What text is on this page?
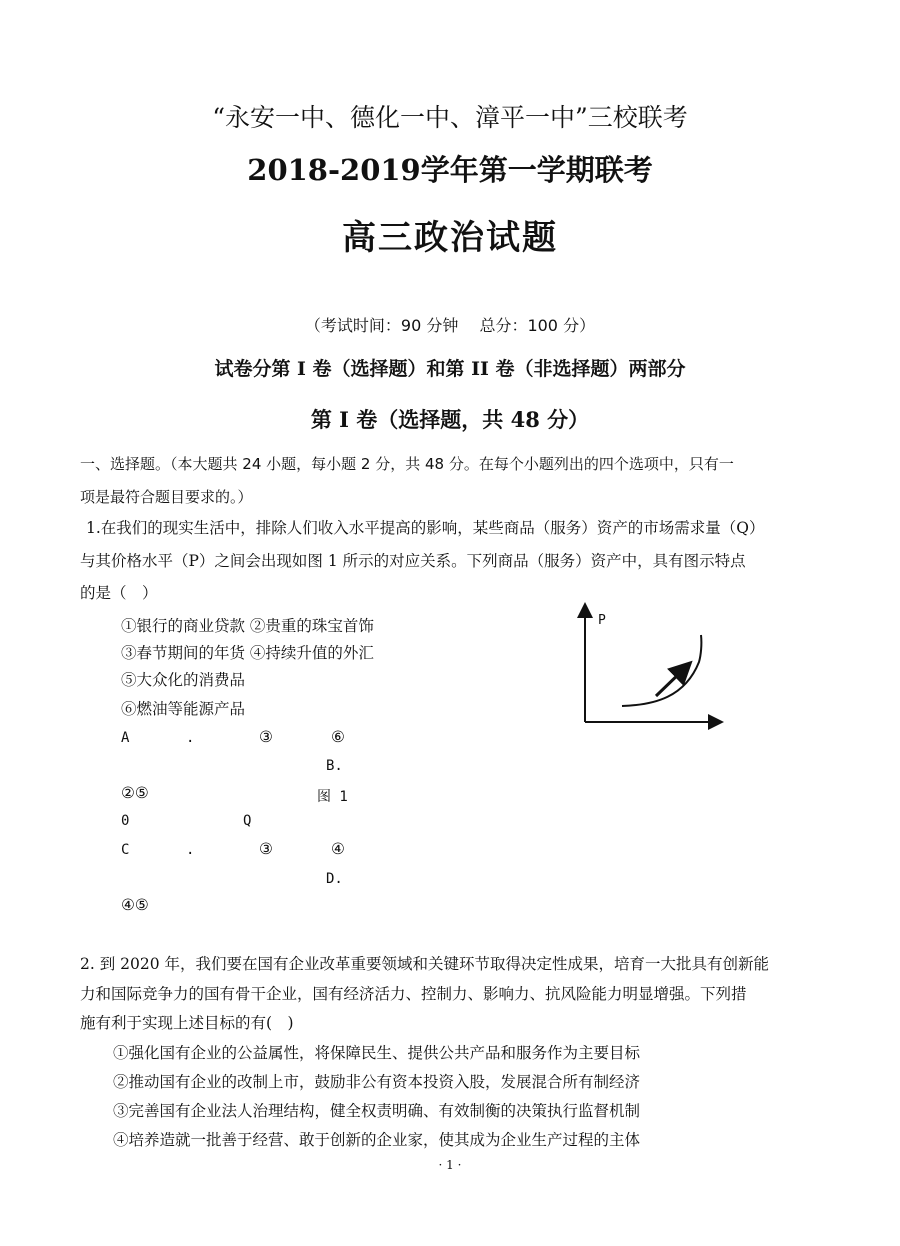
“永安一中、德化一中、漳平一中”三校联考
2018-2019学年第一学期联考
高三政治试题
（考试时间：90 分钟　 总分：100 分）
试卷分第 I 卷（选择题）和第 II 卷（非选择题）两部分
第 I 卷（选择题，共 48 分）
一、选择题。（本大题共 24 小题，每小题 2 分，共 48 分。在每个小题列出的四个选项中，只有一
项是最符合题目要求的。）
1.在我们的现实生活中，排除人们收入水平提高的影响，某些商品（服务）资产的市场需求量（Q）
与其价格水平（P）之间会出现如图 1 所示的对应关系。下列商品（服务）资产中，具有图示特点
的是（　）
①银行的商业贷款 ②贵重的珠宝首饰
③春节期间的年货 ④持续升值的外汇
⑤大众化的消费品
⑥燃油等能源产品
A	.	③	⑥
B.
②⑤	图 1
0	Q
C	.	③	④
D.
④⑤
P
2. 到 2020 年，我们要在国有企业改革重要领域和关键环节取得决定性成果，培育一大批具有创新能
力和国际竞争力的国有骨干企业，国有经济活力、控制力、影响力、抗风险能力明显增强。下列措
施有利于实现上述目标的有(　)
①强化国有企业的公益属性，将保障民生、提供公共产品和服务作为主要目标
②推动国有企业的改制上市，鼓励非公有资本投资入股，发展混合所有制经济
③完善国有企业法人治理结构，健全权责明确、有效制衡的决策执行监督机制
④培养造就一批善于经营、敢于创新的企业家，使其成为企业生产过程的主体
· 1 ·
